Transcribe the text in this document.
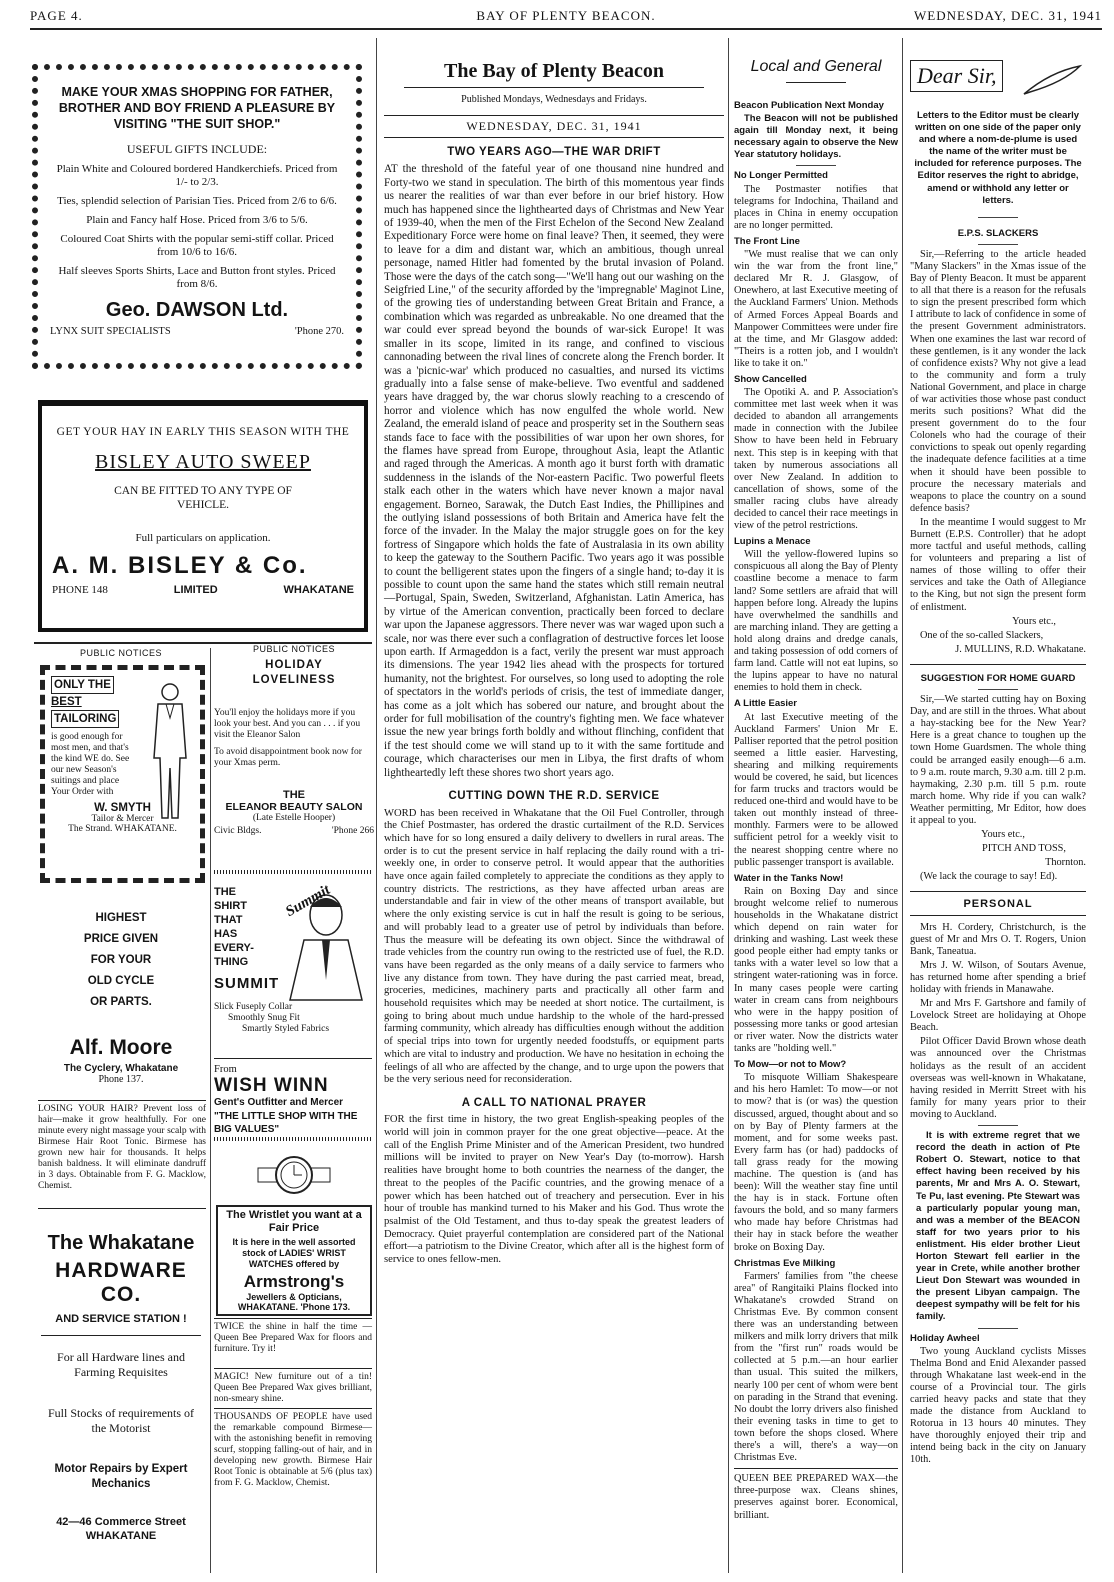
PAGE 4.	BAY OF PLENTY BEACON.	WEDNESDAY, DEC. 31, 1941
MAKE YOUR XMAS SHOPPING FOR FATHER, BROTHER AND BOY FRIEND A PLEASURE BY VISITING "THE SUIT SHOP."
USEFUL GIFTS INCLUDE:
Plain White and Coloured bordered Handkerchiefs. Priced from 1/- to 2/3.
Ties, splendid selection of Parisian Ties. Priced from 2/6 to 6/6.
Plain and Fancy half Hose. Priced from 3/6 to 5/6.
Coloured Coat Shirts with the popular semi-stiff collar. Priced from 10/6 to 16/6.
Half sleeves Sports Shirts, Lace and Button front styles. Priced from 8/6.
Geo. DAWSON Ltd.
LYNX SUIT SPECIALISTS	'Phone 270.
GET YOUR HAY IN EARLY THIS SEASON WITH THE
BISLEY AUTO SWEEP
CAN BE FITTED TO ANY TYPE OF VEHICLE.
Full particulars on application.
A. M. BISLEY & Co.
PHONE 148	LIMITED	WHAKATANE
PUBLIC NOTICES	PUBLIC NOTICES
ONLY THE
BEST
TAILORING
is good enough for most men, and that's the kind WE do. See our new Season's suitings and place Your Order with
W. SMYTH
Tailor & Mercer
The Strand. WHAKATANE.
HIGHEST
PRICE GIVEN
FOR YOUR
OLD CYCLE
OR PARTS.
Alf. Moore
The Cyclery, Whakatane
Phone 137.
LOSING YOUR HAIR? Prevent loss of hair—make it grow healthfully. For one minute every night massage your scalp with Birmese Hair Root Tonic. Birmese has grown new hair for thousands. It helps banish baldness. It will eliminate dandruff in 3 days. Obtainable from F. G. Macklow, Chemist.
The Whakatane
HARDWARE CO.
AND SERVICE STATION !
For all Hardware lines and Farming Requisites
Full Stocks of requirements of the Motorist
Motor Repairs by Expert Mechanics
42—46 Commerce Street
WHAKATANE
HOLIDAY LOVELINESS
You'll enjoy the holidays more if you look your best. And you can . . . if you visit the Eleanor Salon
To avoid disappointment book now for your Xmas perm.
THE
ELEANOR BEAUTY SALON
(Late Estelle Hooper)
Civic Bldgs.	'Phone 266
THE
SHIRT
THAT
HAS
EVERY-
THING
SUMMIT
Summit
Slick Fuseply Collar
Smoothly Snug Fit
Smartly Styled Fabrics
From
WISH WINN
Gent's Outfitter and Mercer
"THE LITTLE SHOP WITH THE BIG VALUES"
The Wristlet you want at a Fair Price
It is here in the well assorted stock of LADIES' WRIST WATCHES offered by
Armstrong's
Jewellers & Opticians,
WHAKATANE. 'Phone 173.
TWICE the shine in half the time —Queen Bee Prepared Wax for floors and furniture. Try it!
MAGIC! New furniture out of a tin! Queen Bee Prepared Wax gives brilliant, non-smeary shine.
THOUSANDS OF PEOPLE have used the remarkable compound Birmese—with the astonishing benefit in removing scurf, stopping falling-out of hair, and in developing new growth. Birmese Hair Root Tonic is obtainable at 5/6 (plus tax) from F. G. Macklow, Chemist.
The Bay of Plenty Beacon
Published Mondays, Wednesdays and Fridays.
WEDNESDAY, DEC. 31, 1941
TWO YEARS AGO—THE WAR DRIFT

AT the threshold of the fateful year of one thousand nine hundred and Forty-two we stand in speculation. The birth of this momentous year finds us nearer the realities of war than ever before in our brief history. How much has happened since the lighthearted days of Christmas and New Year of 1939-40, when the men of the First Echelon of the Second New Zealand Expeditionary Force were home on final leave? Then, it seemed, they were to leave for a dim and distant war, which an ambitious, though unreal personage, named Hitler had fomented by the brutal invasion of Poland. Those were the days of the catch song—"We'll hang out our washing on the Seigfried Line," of the security afforded by the 'impregnable' Maginot Line, of the growing ties of understanding between Great Britain and France, a combination which was regarded as unbreakable. No one dreamed that the war could ever spread beyond the bounds of war-sick Europe! It was smaller in its scope, limited in its range, and confined to viscious cannonading between the rival lines of concrete along the French border. It was a 'picnic-war' which produced no casualties, and nursed its victims gradually into a false sense of make-believe. Two eventful and saddened years have dragged by, the war chorus slowly reaching to a crescendo of horror and violence which has now engulfed the whole world. New Zealand, the emerald island of peace and prosperity set in the Southern seas stands face to face with the possibilities of war upon her own shores, for the flames have spread from Europe, throughout Asia, leapt the Atlantic and raged through the Americas. A month ago it burst forth with dramatic suddenness in the islands of the Nor-eastern Pacific. Two powerful fleets stalk each other in the waters which have never known a major naval engagement. Borneo, Sarawak, the Dutch East Indies, the Phillipines and the outlying island possessions of both Britain and America have felt the force of the invader. In the Malay the major struggle goes on for the key fortress of Singapore which holds the fate of Australasia in its own ability to keep the gateway to the Southern Pacific. Two years ago it was possible to count the belligerent states upon the fingers of a single hand; to-day it is possible to count upon the same hand the states which still remain neutral—Portugal, Spain, Sweden, Switzerland, Afghanistan. Latin America, has by virtue of the American convention, practically been forced to declare war upon the Japanese aggressors. There never was war waged upon such a scale, nor was there ever such a conflagration of destructive forces let loose upon earth. If Armageddon is a fact, verily the present war must approach its dimensions. The year 1942 lies ahead with the prospects for tortured humanity, not the brightest. For ourselves, so long used to adopting the role of spectators in the world's periods of crisis, the test of immediate danger, has come as a jolt which has sobered our nature, and brought about the order for full mobilisation of the country's fighting men. We face whatever issue the new year brings forth boldly and without flinching, confident that if the test should come we will stand up to it with the same fortitude and courage, which characterises our men in Libya, the first drafts of whom lightheartedly left these shores two short years ago.

CUTTING DOWN THE R.D. SERVICE

WORD has been received in Whakatane that the Oil Fuel Controller, through the Chief Postmaster, has ordered the drastic curtailment of the R.D. Services which have for so long ensured a daily delivery to dwellers in rural areas. The order is to cut the present service in half replacing the daily round with a tri-weekly one, in order to conserve petrol. It would appear that the authorities have once again failed completely to appreciate the conditions as they apply to country districts. The restrictions, as they have affected urban areas are understandable and fair in view of the other means of transport available, but where the only existing service is cut in half the result is going to be serious, and will probably lead to a greater use of petrol by individuals than before. Thus the measure will be defeating its own object. Since the withdrawal of trade vehicles from the country run owing to the restricted use of fuel, the R.D. vans have been regarded as the only means of a daily service to farmers who live any distance from town. They have during the past carried meat, bread, groceries, medicines, machinery parts and practically all other farm and household requisites which may be needed at short notice. The curtailment, is going to bring about much undue hardship to the whole of the hard-pressed farming community, which already has difficulties enough without the addition of special trips into town for urgently needed foodstuffs, or equipment parts which are vital to industry and production. We have no hesitation in echoing the feelings of all who are affected by the change, and to urge upon the powers that be the very serious need for reconsideration.

A CALL TO NATIONAL PRAYER

FOR the first time in history, the two great English-speaking peoples of the world will join in common prayer for the one great objective—peace. At the call of the English Prime Minister and of the American President, two hundred millions will be invited to prayer on New Year's Day (to-morrow). Harsh realities have brought home to both countries the nearness of the danger, the threat to the peoples of the Pacific countries, and the growing menace of a power which has been hatched out of treachery and persecution. Ever in his hour of trouble has mankind turned to his Maker and his God. Thus wrote the psalmist of the Old Testament, and thus to-day speak the greatest leaders of Democracy. Quiet prayerful contemplation are considered part of the National effort—a patriotism to the Divine Creator, which after all is the highest form of service to ones fellow-men.

Local and General
Beacon Publication Next Monday

The Beacon will not be published again till Monday next, it being necessary again to observe the New Year statutory holidays.

No Longer Permitted

The Postmaster notifies that telegrams for Indochina, Thailand and places in China in enemy occupation are no longer permitted.

The Front Line

"We must realise that we can only win the war from the front line," declared Mr R. J. Glasgow, of Onewhero, at last Executive meeting of the Auckland Farmers' Union. Methods of Armed Forces Appeal Boards and Manpower Committees were under fire at the time, and Mr Glasgow added: "Theirs is a rotten job, and I wouldn't like to take it on."

Show Cancelled

The Opotiki A. and P. Association's committee met last week when it was decided to abandon all arrangements made in connection with the Jubilee Show to have been held in February next. This step is in keeping with that taken by numerous associations all over New Zealand. In addition to cancellation of shows, some of the smaller racing clubs have already decided to cancel their race meetings in view of the petrol restrictions.

Lupins a Menace

Will the yellow-flowered lupins so conspicuous all along the Bay of Plenty coastline become a menace to farm land? Some settlers are afraid that will happen before long. Already the lupins have overwhelmed the sandhills and are marching inland. They are getting a hold along drains and dredge canals, and taking possession of odd corners of farm land. Cattle will not eat lupins, so the lupins appear to have no natural enemies to hold them in check.

A Little Easier

At last Executive meeting of the Auckland Farmers' Union Mr E. Palliser reported that the petrol position seemed a little easier. Harvesting, shearing and milking requirements would be covered, he said, but licences for farm trucks and tractors would be reduced one-third and would have to be taken out monthly instead of three-monthly. Farmers were to be allowed sufficient petrol for a weekly visit to the nearest shopping centre where no public passenger transport is available.

Water in the Tanks Now!

Rain on Boxing Day and since brought welcome relief to numerous households in the Whakatane district which depend on rain water for drinking and washing. Last week these good people either had empty tanks or tanks with a water level so low that a stringent water-rationing was in force. In many cases people were carting water in cream cans from neighbours who were in the happy position of possessing more tanks or good artesian or river water. Now the districts water tanks are "holding well."

To Mow—or not to Mow?

To misquote William Shakespeare and his hero Hamlet: To mow—or not to mow? that is (or was) the question discussed, argued, thought about and so on by Bay of Plenty farmers at the moment, and for some weeks past. Every farm has (or had) paddocks of tall grass ready for the mowing machine. The question is (and has been): Will the weather stay fine until the hay is in stack. Fortune often favours the bold, and so many farmers who made hay before Christmas had their hay in stack before the weather broke on Boxing Day.

Christmas Eve Milking

Farmers' families from "the cheese area" of Rangitaiki Plains flocked into Whakatane's crowded Strand on Christmas Eve. By common consent there was an understanding between milkers and milk lorry drivers that milk from the "first run" roads would be collected at 5 p.m.—an hour earlier than usual. This suited the milkers, nearly 100 per cent of whom were bent on parading in the Strand that evening. No doubt the lorry drivers also finished their evening tasks in time to get to town before the shops closed. Where there's a will, there's a way—on Christmas Eve.

QUEEN BEE PREPARED WAX—the three-purpose wax. Cleans shines, preserves against borer. Economical, brilliant.

Dear Sir,

Letters to the Editor must be clearly written on one side of the paper only and where a nom-de-plume is used the name of the writer must be included for reference purposes. The Editor reserves the right to abridge, amend or withhold any letter or letters.

E.P.S. SLACKERS

Sir,—Referring to the article headed "Many Slackers" in the Xmas issue of the Bay of Plenty Beacon. It must be apparent to all that there is a reason for the refusals to sign the present prescribed form which I attribute to lack of confidence in some of the present Government administrators. When one examines the last war record of these gentlemen, is it any wonder the lack of confidence exists? Why not give a lead to the community and form a truly National Government, and place in charge of war activities those whose past conduct merits such positions? What did the present government do to the four Colonels who had the courage of their convictions to speak out openly regarding the inadequate defence facilities at a time when it should have been possible to procure the necessary materials and weapons to place the country on a sound defence basis?

In the meantime I would suggest to Mr Burnett (E.P.S. Controller) that he adopt more tactful and useful methods, calling for volunteers and preparing a list of names of those willing to offer their services and take the Oath of Allegiance to the King, but not sign the present form of enlistment.

Yours etc.,

One of the so-called Slackers,

J. MULLINS, R.D. Whakatane.

SUGGESTION FOR HOME GUARD

Sir,—We started cutting hay on Boxing Day, and are still in the throes. What about a hay-stacking bee for the New Year? Here is a great chance to toughen up the town Home Guardsmen. The whole thing could be arranged easily enough—6 a.m. to 9 a.m. route march, 9.30 a.m. till 2 p.m. haymaking, 2.30 p.m. till 5 p.m. route march home. Why ride if you can walk? Weather permitting, Mr Editor, how does it appeal to you.

Yours etc.,

PITCH AND TOSS,

Thornton.

(We lack the courage to say! Ed).

PERSONAL

Mrs H. Cordery, Christchurch, is the guest of Mr and Mrs O. T. Rogers, Union Bank, Taneatua.

Mrs J. W. Wilson, of Soutars Avenue, has returned home after spending a brief holiday with friends in Manawahe.

Mr and Mrs F. Gartshore and family of Lovelock Street are holidaying at Ohope Beach.

Pilot Officer David Brown whose death was announced over the Christmas holidays as the result of an accident overseas was well-known in Whakatane, having resided in Merritt Street with his family for many years prior to their moving to Auckland.

It is with extreme regret that we record the death in action of Pte Robert O. Stewart, notice to that effect having been received by his parents, Mr and Mrs A. O. Stewart, Te Pu, last evening. Pte Stewart was a particularly popular young man, and was a member of the BEACON staff for two years prior to his enlistment. His elder brother Lieut Horton Stewart fell earlier in the year in Crete, while another brother Lieut Don Stewart was wounded in the present Libyan campaign. The deepest sympathy will be felt for his family.

Holiday Awheel

Two young Auckland cyclists Misses Thelma Bond and Enid Alexander passed through Whakatane last week-end in the course of a Provincial tour. The girls carried heavy packs and state that they made the distance from Auckland to Rotorua in 13 hours 40 minutes. They have thoroughly enjoyed their trip and intend being back in the city on January 10th.
